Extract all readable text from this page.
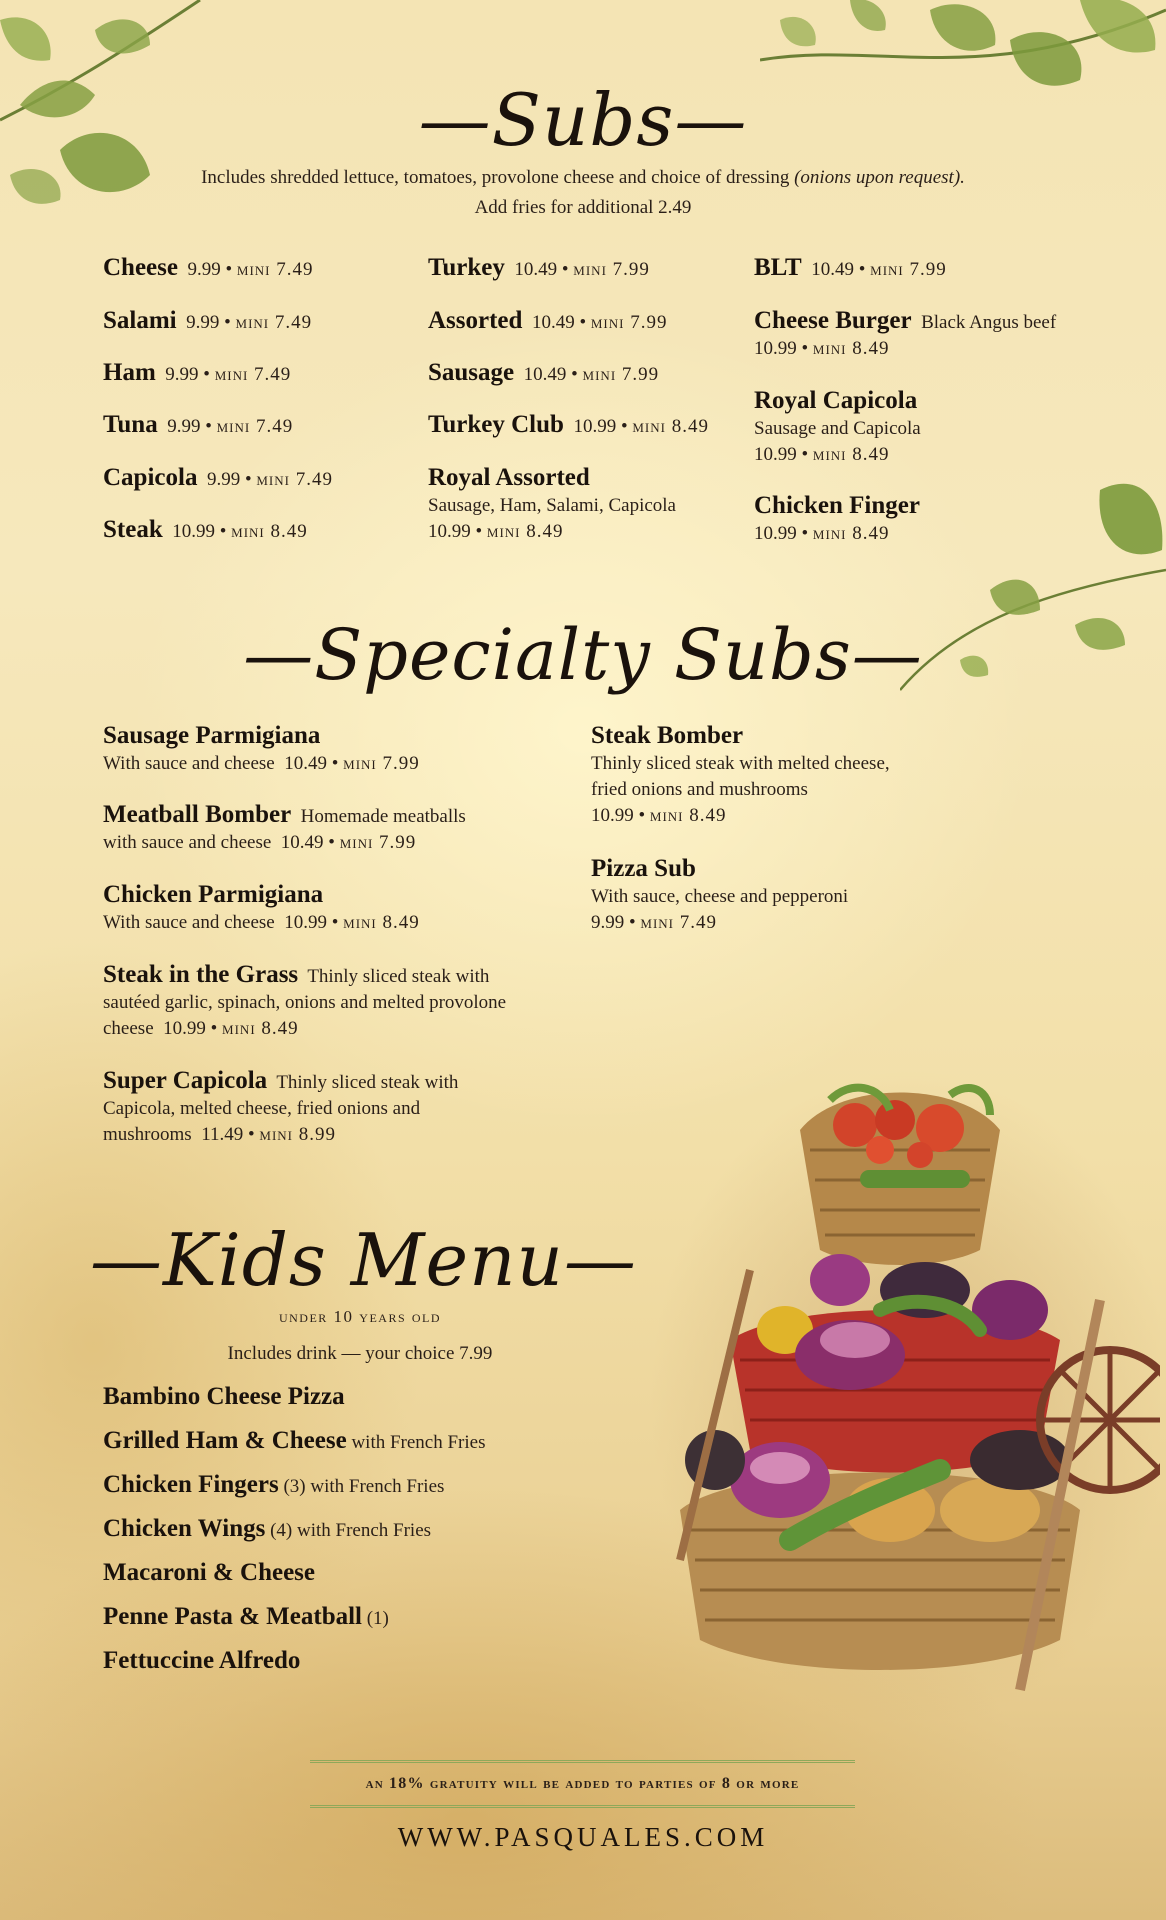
—Subs—
Includes shredded lettuce, tomatoes, provolone cheese and choice of dressing (onions upon request).
Add fries for additional 2.49
Cheese 9.99 • mini 7.49
Salami 9.99 • mini 7.49
Ham 9.99 • mini 7.49
Tuna 9.99 • mini 7.49
Capicola 9.99 • mini 7.49
Steak 10.99 • mini 8.49
Turkey 10.49 • mini 7.99
Assorted 10.49 • mini 7.99
Sausage 10.49 • mini 7.99
Turkey Club 10.99 • mini 8.49
Royal Assorted
Sausage, Ham, Salami, Capicola
10.99 • mini 8.49
BLT 10.49 • mini 7.99
Cheese Burger Black Angus beef
10.99 • mini 8.49
Royal Capicola
Sausage and Capicola
10.99 • mini 8.49
Chicken Finger
10.99 • mini 8.49
—Specialty Subs—
Sausage Parmigiana
With sauce and cheese 10.49 • mini 7.99
Meatball Bomber Homemade meatballs
with sauce and cheese 10.49 • mini 7.99
Chicken Parmigiana
With sauce and cheese 10.99 • mini 8.49
Steak in the Grass Thinly sliced steak with sautéed garlic, spinach, onions and melted provolone cheese 10.99 • mini 8.49
Super Capicola Thinly sliced steak with Capicola, melted cheese, fried onions and mushrooms 11.49 • mini 8.99
Steak Bomber
Thinly sliced steak with melted cheese, fried onions and mushrooms
10.99 • mini 8.49
Pizza Sub
With sauce, cheese and pepperoni
9.99 • mini 7.49
—Kids Menu—
under 10 years old
Includes drink — your choice 7.99
Bambino Cheese Pizza
Grilled Ham & Cheese with French Fries
Chicken Fingers (3) with French Fries
Chicken Wings (4) with French Fries
Macaroni & Cheese
Penne Pasta & Meatball (1)
Fettuccine Alfredo
an 18% gratuity will be added to parties of 8 or more
WWW.PASQUALES.COM
